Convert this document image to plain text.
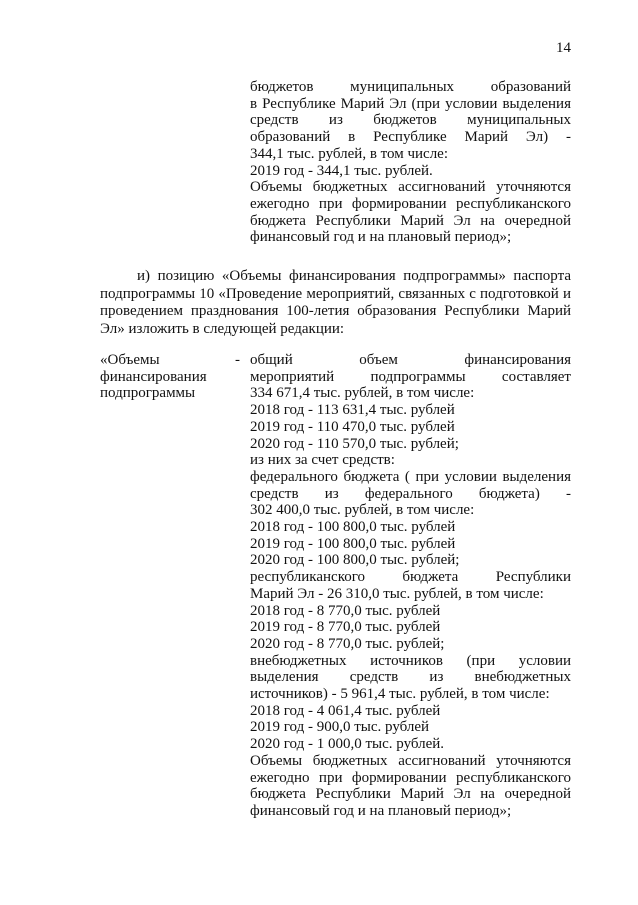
14
бюджетов муниципальных образований
в Республике Марий Эл (при условии выделения
средств из бюджетов муниципальных
образований в Республике Марий Эл) -
344,1 тыс. рублей, в том числе:
2019 год - 344,1 тыс. рублей.
Объемы бюджетных ассигнований уточняются
ежегодно при формировании республиканского
бюджета Республики Марий Эл на очередной
финансовый год и на плановый период»;
и) позицию «Объемы финансирования подпрограммы» паспорта подпрограммы 10 «Проведение мероприятий, связанных с подготовкой и проведением празднования 100-летия образования Республики Марий Эл» изложить в следующей редакции:
«Объемы	-
финансирования
подпрограммы
общий объем финансирования
мероприятий подпрограммы составляет
334 671,4 тыс. рублей, в том числе:
2018 год - 113 631,4 тыс. рублей
2019 год - 110 470,0 тыс. рублей
2020 год - 110 570,0 тыс. рублей;
из них за счет средств:
федерального бюджета ( при условии выделения
средств из федерального бюджета) -
302 400,0 тыс. рублей, в том числе:
2018 год - 100 800,0 тыс. рублей
2019 год - 100 800,0 тыс. рублей
2020 год - 100 800,0 тыс. рублей;
республиканского бюджета Республики
Марий Эл - 26 310,0 тыс. рублей, в том числе:
2018 год - 8 770,0 тыс. рублей
2019 год - 8 770,0 тыс. рублей
2020 год - 8 770,0 тыс. рублей;
внебюджетных источников (при условии
выделения средств из внебюджетных
источников) - 5 961,4 тыс. рублей, в том числе:
2018 год - 4 061,4 тыс. рублей
2019 год - 900,0 тыс. рублей
2020 год - 1 000,0 тыс. рублей.
Объемы бюджетных ассигнований уточняются
ежегодно при формировании республиканского
бюджета Республики Марий Эл на очередной
финансовый год и на плановый период»;
